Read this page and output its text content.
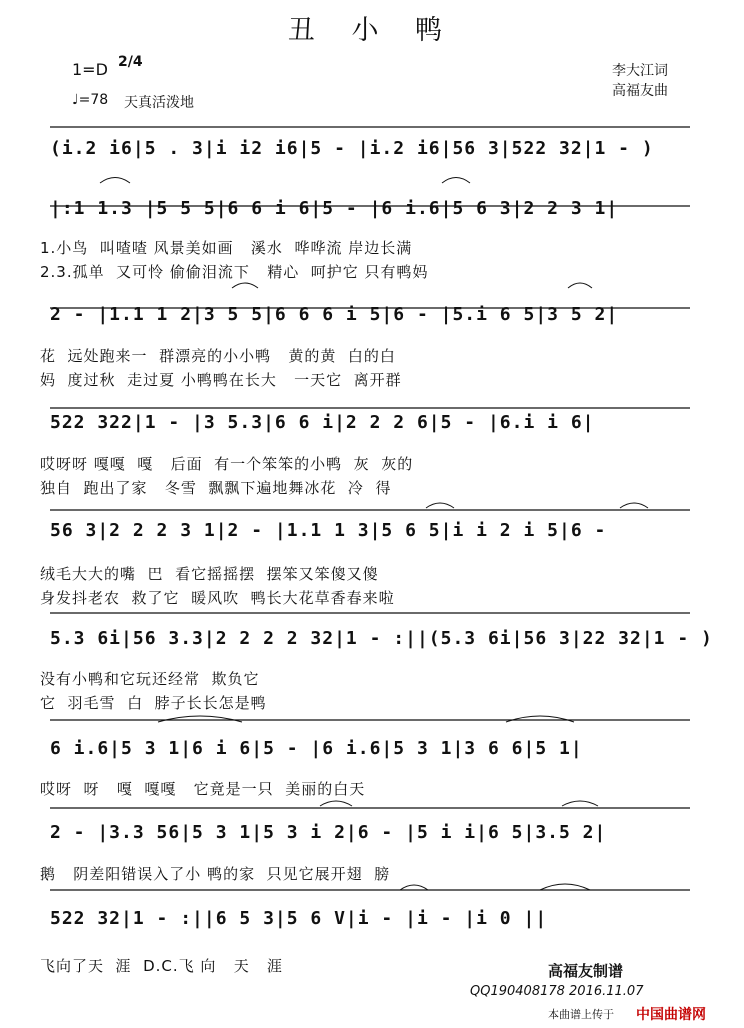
丑 小 鸭
1=D 2/4
♩=78 天真活泼地
李大江词
高福友曲
(i.2 i6|5 . 3|i i2 i6|5 - |i.2 i6|56 3|522 32|1 - )
|:1 1.3 |5 5 5|6 6 i 6|5 - |6 i.6|5 6 3|2 2 3 1|
1.小鸟  叫喳喳 风景美如画   溪水  哗哗流 岸边长满
2.3.孤单  又可怜 偷偷泪流下   精心  呵护它 只有鸭妈
2 - |1.1 1 2|3 5 5|6 6 6 i 5|6 - |5.i 6 5|3 5 2|
花  远处跑来一  群漂亮的小小鸭   黄的黄  白的白
妈  度过秋  走过夏 小鸭鸭在长大   一天它  离开群
522 322|1 - |3 5.3|6 6 i|2 2 2 6|5 - |6.i i 6|
哎呀呀 嘎嘎  嘎   后面  有一个笨笨的小鸭  灰  灰的
独自  跑出了家   冬雪  飘飘下遍地舞冰花  冷  得
56 3|2 2 2 3 1|2 - |1.1 1 3|5 6 5|i i 2 i 5|6 -
绒毛大大的嘴  巴  看它摇摇摆  摆笨又笨傻又傻
身发抖老农  救了它  暖风吹  鸭长大花草香春来啦
5.3 6i|56 3.3|2 2 2 2 32|1 - :||(5.3 6i|56 3|22 32|1 - )
没有小鸭和它玩还经常  欺负它
它  羽毛雪  白  脖子长长怎是鸭
6 i.6|5 3 1|6 i 6|5 - |6 i.6|5 3 1|3 6 6|5 1|
哎呀  呀   嘎  嘎嘎   它竟是一只  美丽的白天
2 - |3.3 56|5 3 1|5 3 i 2|6 - |5 i i|6 5|3.5 2|
鹅   阴差阳错误入了小 鸭的家  只见它展开翅  膀
522 32|1 - :||6 5 3|5 6 V|i - |i - |i 0 ||
飞向了天  涯  D.C.飞 向   天   涯	高福友制谱
QQ190408178 2016.11.07
本曲谱上传于 中国曲谱网
